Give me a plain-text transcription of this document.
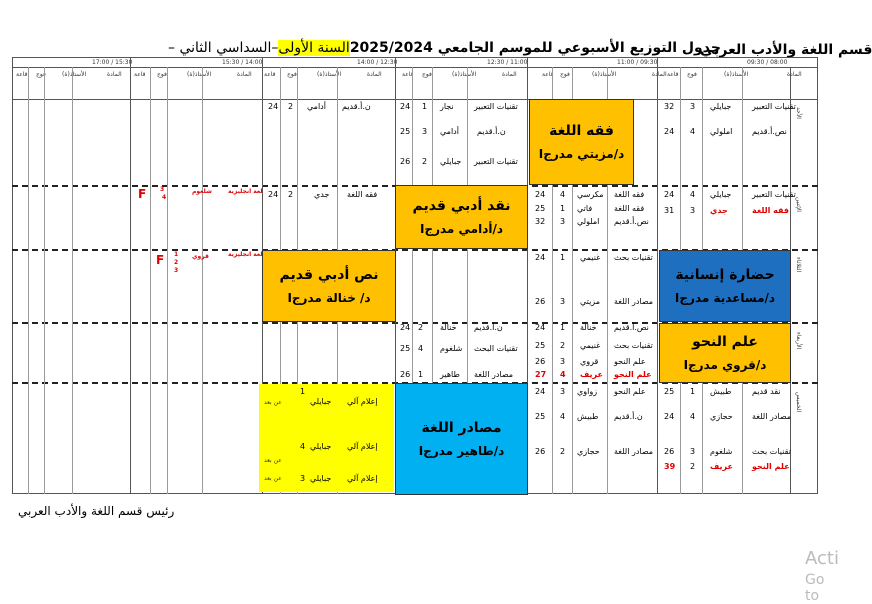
قسم اللغة والأدب العربي
جدول التوزيع الأسبوعي للموسم الجامعي 2025/2024السنة الأولى–السداسي الثاني –
08:00 / 09:30
09:30 / 11:00
11:00 / 12:30
12:30 / 14:00
14:00 / 15:30
15:30 / 17:00
المادة
الأستاذ(ة)
فوج
قاعة
المادة
الأستاذ(ة)
فوج
قاعة
المادة
الأستاذ(ة)
فوج
قاعة
المادة
الأستاذ(ة)
فوج
قاعة
المادة
الأستاذ(ة)
فوج
قاعة
المادة
الأستاذ(ة)
فوج
قاعة
الأحد
الإثنين
الثلاثاء
الأربعاء
الخميس
فقه اللغة
د/مزيتي مدرجI
نقد أدبي قديم
د/أدامي مدرجI
حضارة إنسانية
د/مساعدية مدرجI
نص أدبي قديم
د/ خنالة مدرجI
علم النحو
د/قروي مدرجI
مصادر اللغة
د/طاهير مدرجI
تقنيات التعبير
جبايلي
3
32
نص.أ.قديم
املولي
4
24
تقنيات التعبير
نجار
1
24
ن.أ.قديم
أدامي
3
25
تقنيات التعبير
جبايلي
2
26
ن.أ.قديم
أدامي
2
24
تقنيات التعبير
جبايلي
4
24
فقه اللغة
جدي
3
31
فقه اللغة
مكرسي
4
24
فقه اللغة
فاتي
1
25
نص.أ.قديم
املولي
3
32
فقه اللغة
جدي
2
24
لغة انجليزية
شلغوم
3
4
F
تقنيات بحث
غنيمي
1
24
مصادر اللغة
مزيتي
3
26
لغة انجليزية
قروي
1
2
3
F
نص.أ.قديم
خنالة
1
24
تقنيات بحث
غنيمي
2
25
علم النحو
قروي
3
26
علم النحو
عريف
4
27
ن.أ.قديم
خنالة
2
24
تقنيات البحث
شلغوم
4
25
مصادر اللغة
طاهير
1
26
نقد قديم
طبيش
1
25
مصادر اللغة
حجازي
4
24
تقنيات بحث
شلغوم
3
26
علم النحو
عريف
2
39
علم النحو
زواوي
3
24
ن.أ.قديم
طبيش
4
25
مصادر اللغة
حجازي
2
26
إعلام آلي
جبايلي
1
عن بعد
إعلام آلي
جبايلي
4
عن بعد
إعلام آلي
جبايلي
3
عن بعد
رئيس قسم اللغة والأدب العربي
Acti
Go to
